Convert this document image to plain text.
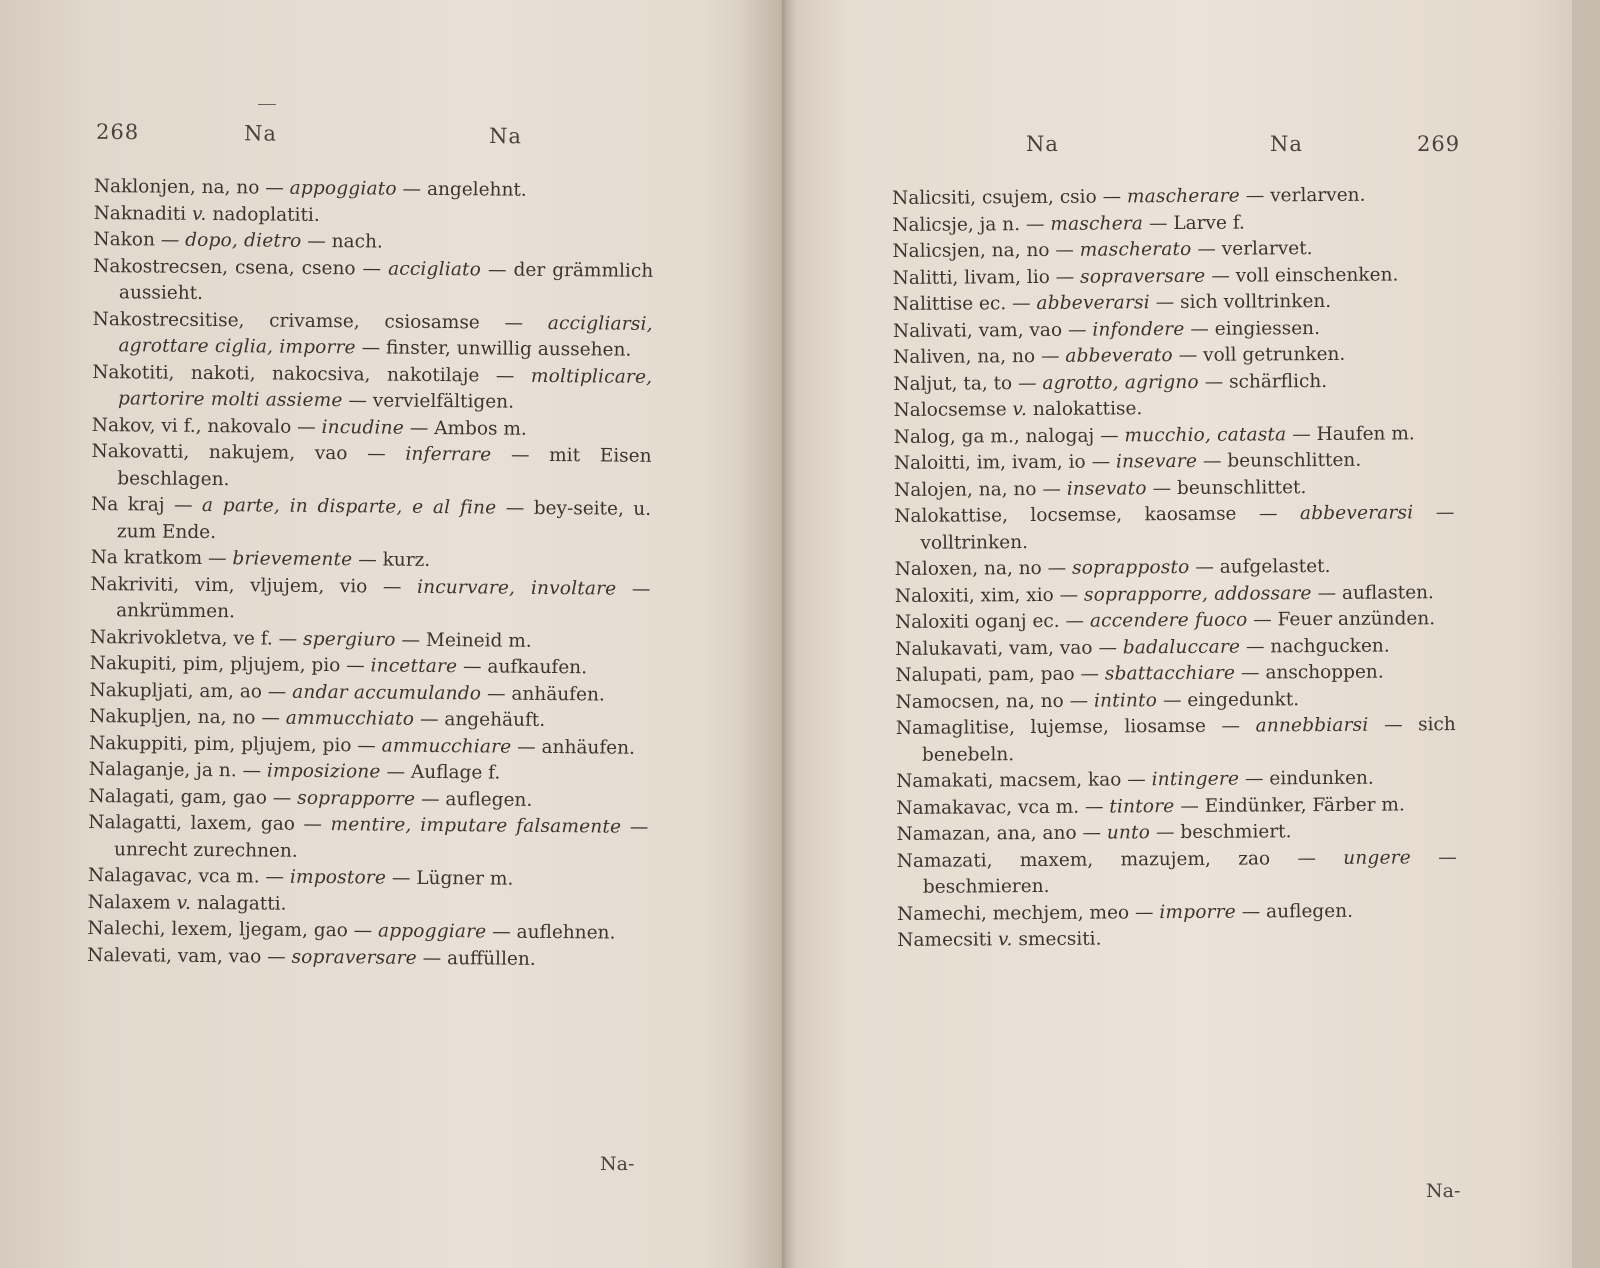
268	Na	Na
Naklonjen, na, no — appoggiato — angelehnt.
Naknaditi v. nadoplatiti.
Nakon — dopo, dietro — nach.
Nakostrecsen, csena, cseno — accigliato — der grämmlich aussieht.
Nakostrecsitise, crivamse, csiosamse — accigliarsi, agrottare ciglia, imporre — finster, unwillig aussehen.
Nakotiti, nakoti, nakocsiva, nakotilaje — moltiplicare, partorire molti assieme — vervielfältigen.
Nakov, vi f., nakovalo — incudine — Ambos m.
Nakovatti, nakujem, vao — inferrare — mit Eisen beschlagen.
Na kraj — a parte, in disparte, e al fine — bey-seite, u. zum Ende.
Na kratkom — brievemente — kurz.
Nakriviti, vim, vljujem, vio — incurvare, involtare — ankrümmen.
Nakrivokletva, ve f. — spergiuro — Meineid m.
Nakupiti, pim, pljujem, pio — incettare — aufkaufen.
Nakupljati, am, ao — andar accumulando — anhäufen.
Nakupljen, na, no — ammucchiato — angehäuft.
Nakuppiti, pim, pljujem, pio — ammucchiare — anhäufen.
Nalaganje, ja n. — imposizione — Auflage f.
Nalagati, gam, gao — soprapporre — auflegen.
Nalagatti, laxem, gao — mentire, imputare falsamente — unrecht zurechnen.
Nalagavac, vca m. — impostore — Lügner m.
Nalaxem v. nalagatti.
Nalechi, lexem, ljegam, gao — appoggiare — auflehnen.
Nalevati, vam, vao — sopraversare — auffüllen.
Na-
Na	Na	269
Nalicsiti, csujem, csio — mascherare — verlarven.
Nalicsje, ja n. — maschera — Larve f.
Nalicsjen, na, no — mascherato — verlarvet.
Nalitti, livam, lio — sopraversare — voll einschenken.
Nalittise ec. — abbeverarsi — sich volltrinken.
Nalivati, vam, vao — infondere — eingiessen.
Naliven, na, no — abbeverato — voll getrunken.
Naljut, ta, to — agrotto, agrigno — schärflich.
Nalocsemse v. nalokattise.
Nalog, ga m., nalogaj — mucchio, catasta — Haufen m.
Naloitti, im, ivam, io — insevare — beunschlitten.
Nalojen, na, no — insevato — beunschlittet.
Nalokattise, locsemse, kaosamse — abbeverarsi — volltrinken.
Naloxen, na, no — soprapposto — aufgelastet.
Naloxiti, xim, xio — soprapporre, addossare — auflasten.
Naloxiti oganj ec. — accendere fuoco — Feuer anzünden.
Nalukavati, vam, vao — badaluccare — nachgucken.
Nalupati, pam, pao — sbattacchiare — anschoppen.
Namocsen, na, no — intinto — eingedunkt.
Namaglitise, lujemse, liosamse — annebbiarsi — sich benebeln.
Namakati, macsem, kao — intingere — eindunken.
Namakavac, vca m. — tintore — Eindünker, Färber m.
Namazan, ana, ano — unto — beschmiert.
Namazati, maxem, mazujem, zao — ungere — beschmieren.
Namechi, mechjem, meo — imporre — auflegen.
Namecsiti v. smecsiti.
Na-
